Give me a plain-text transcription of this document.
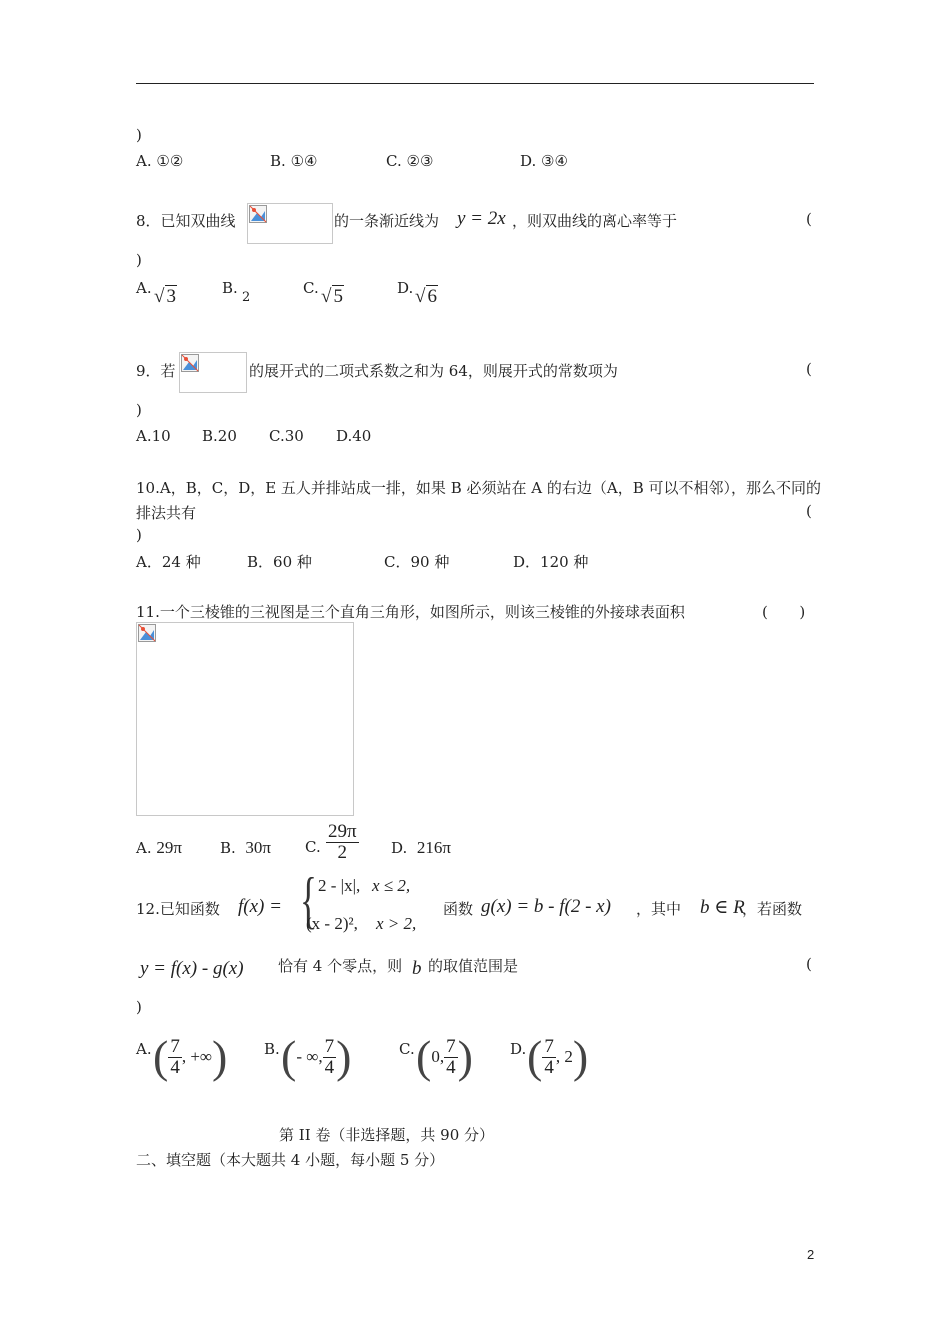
)
A. ①②	B. ①④	C. ②③	D. ③④
8．已知双曲线	的一条渐近线为 y = 2x ，则双曲线的离心率等于	(
)
A. √ 3	B.
2
C. √ 5	D. √ 6
9．若	的展开式的二项式系数之和为 64，则展开式的常数项为	(
)
A.10 B.20 C.30 D.40
10.A，B，C，D，E 五人并排站成一排，如果 B 必须站在 A 的右边（A，B 可以不相邻），那么不同的
排法共有	(
)
A．24 种	B．60 种	C．90 种	D．120 种
11.一个三棱锥的三视图是三个直角三角形，如图所示，则该三棱锥的外接球表面积	(　　)
A. 29π	B. 30π C. $\frac{29\pi}{2} D$. 216π
12.已知函数 f(x) = { 2 - |x|, x ≤ 2,
(x - 2)², x > 2,
函数 g(x) = b - f(2 - x) ，其中 b ∈ R
，若函数
y = f(x) - g(x) 恰有 4 个零点，则 b 的取值范围是	(
)
A. ( $\frac{7}{4}$ , +∞ ) B. ( - ∞, $\frac{7}{4}$ )	C. ( 0, $\frac{7}{4}$ ) D. ( $\frac{7}{4}$ , 2 )
第 II 卷（非选择题，共 90 分）
二、填空题（本大题共 4 小题，每小题 5 分）
2
